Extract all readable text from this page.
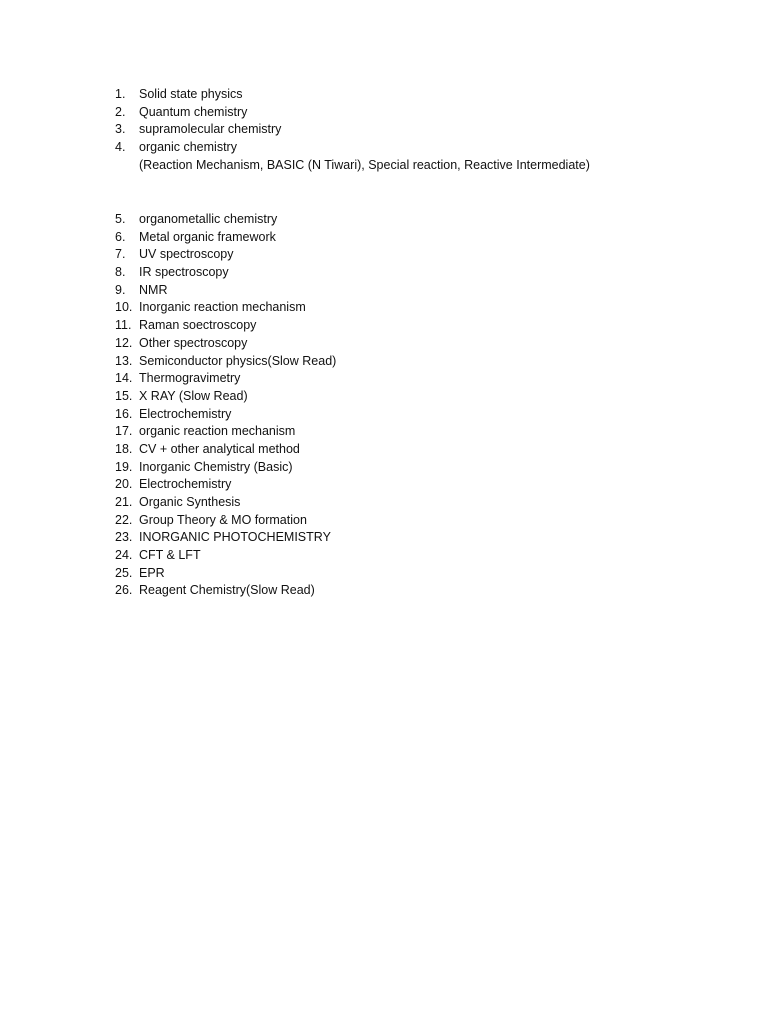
1.	Solid state physics
2.	Quantum chemistry
3.	supramolecular chemistry
4.	organic chemistry
(Reaction Mechanism, BASIC (N Tiwari), Special reaction, Reactive Intermediate)
5.	organometallic chemistry
6.	Metal organic framework
7.	UV spectroscopy
8.	IR spectroscopy
9.	NMR
10. Inorganic reaction mechanism
11. Raman soectroscopy
12. Other spectroscopy
13. Semiconductor physics(Slow Read)
14. Thermogravimetry
15. X RAY (Slow Read)
16. Electrochemistry
17. organic reaction mechanism
18. CV + other analytical method
19. Inorganic Chemistry (Basic)
20. Electrochemistry
21. Organic Synthesis
22. Group Theory & MO formation
23. INORGANIC PHOTOCHEMISTRY
24. CFT & LFT
25. EPR
26. Reagent Chemistry(Slow Read)
